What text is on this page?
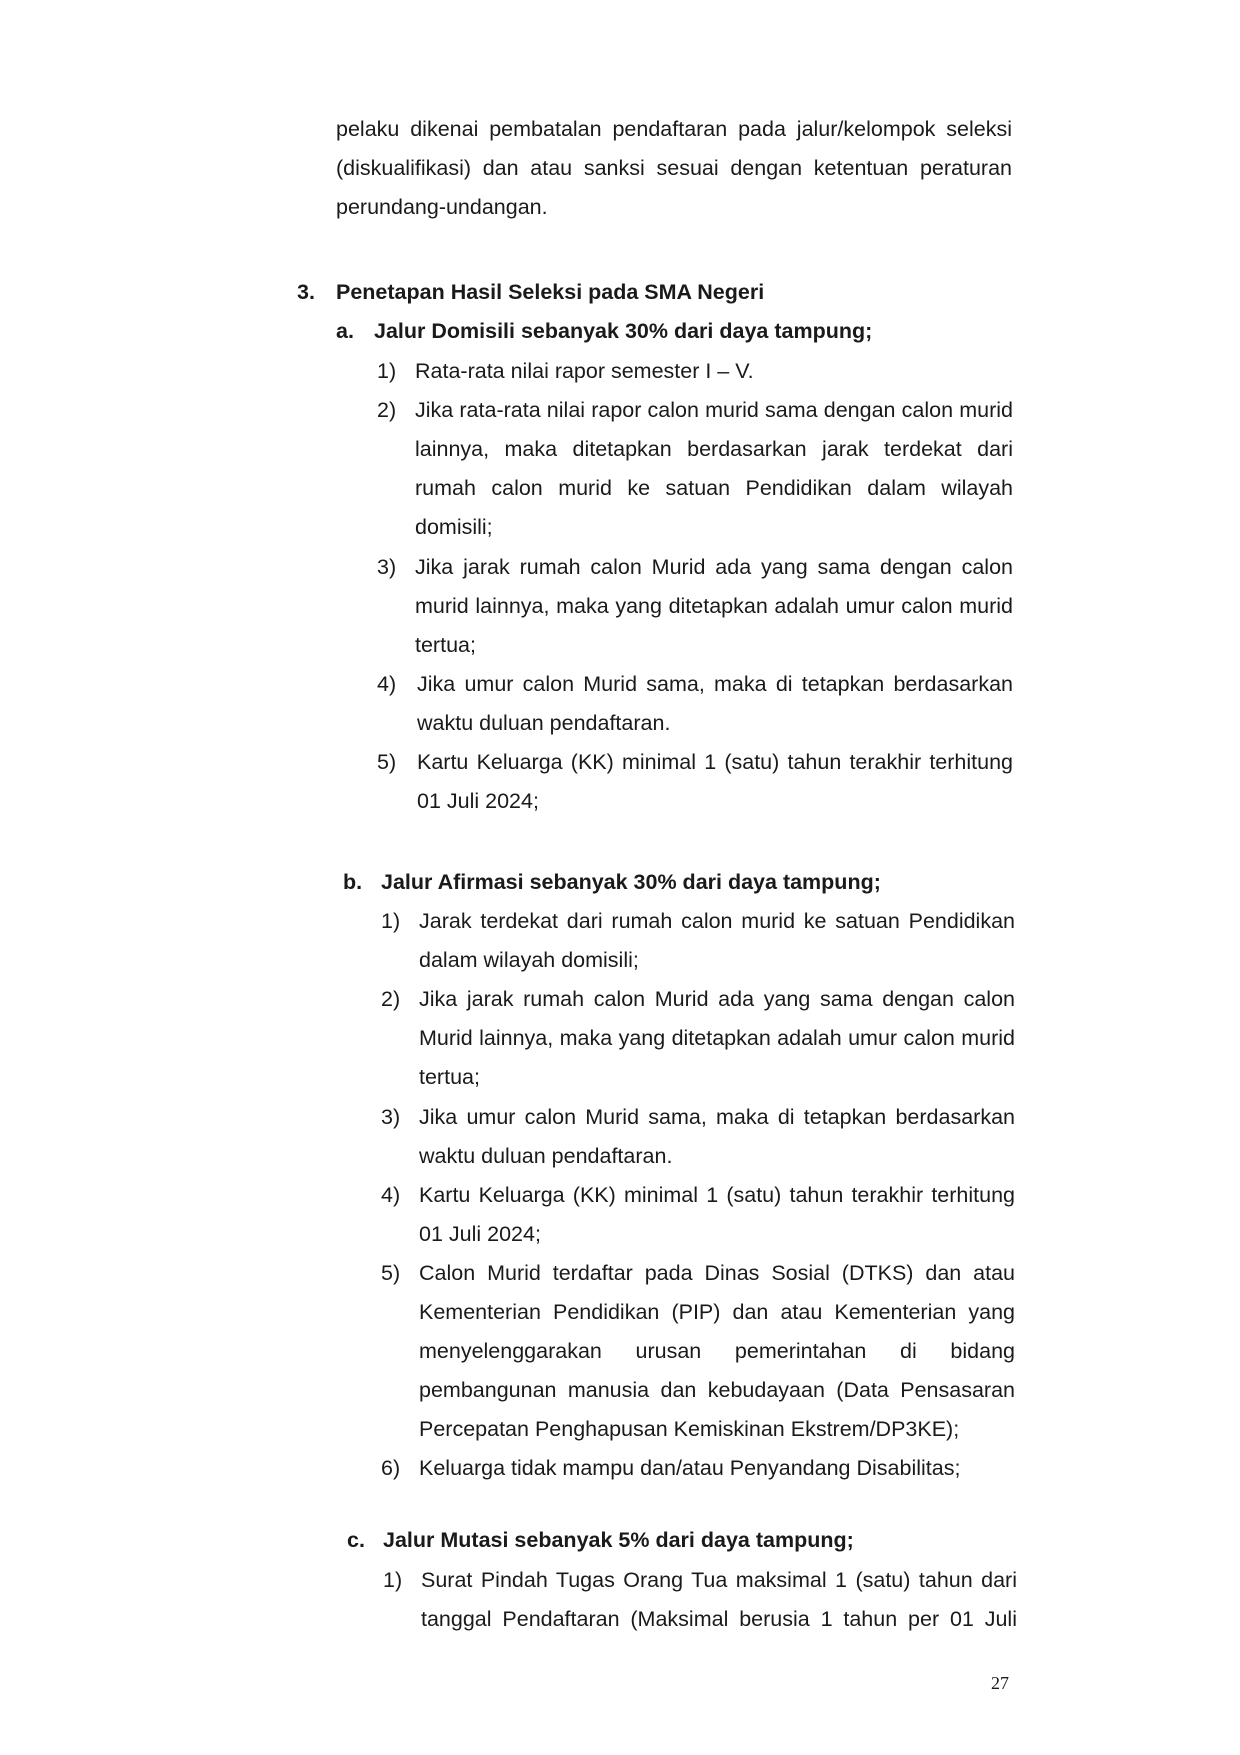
pelaku dikenai pembatalan pendaftaran pada jalur/kelompok seleksi (diskualifikasi) dan atau sanksi sesuai dengan ketentuan peraturan perundang-undangan.
3. Penetapan Hasil Seleksi pada SMA Negeri
a. Jalur Domisili sebanyak 30% dari daya tampung;
1) Rata-rata nilai rapor semester I – V.
2) Jika rata-rata nilai rapor calon murid sama dengan calon murid lainnya, maka ditetapkan berdasarkan jarak terdekat dari rumah calon murid ke satuan Pendidikan dalam wilayah domisili;
3) Jika jarak rumah calon Murid ada yang sama dengan calon murid lainnya, maka yang ditetapkan adalah umur calon murid tertua;
4) Jika umur calon Murid sama, maka di tetapkan berdasarkan waktu duluan pendaftaran.
5) Kartu Keluarga (KK) minimal 1 (satu) tahun terakhir terhitung 01 Juli 2024;
b. Jalur Afirmasi sebanyak 30% dari daya tampung;
1) Jarak terdekat dari rumah calon murid ke satuan Pendidikan dalam wilayah domisili;
2) Jika jarak rumah calon Murid ada yang sama dengan calon Murid lainnya, maka yang ditetapkan adalah umur calon murid tertua;
3) Jika umur calon Murid sama, maka di tetapkan berdasarkan waktu duluan pendaftaran.
4) Kartu Keluarga (KK) minimal 1 (satu) tahun terakhir terhitung 01 Juli 2024;
5) Calon Murid terdaftar pada Dinas Sosial (DTKS) dan atau Kementerian Pendidikan (PIP) dan atau Kementerian yang menyelenggarakan urusan pemerintahan di bidang pembangunan manusia dan kebudayaan (Data Pensasaran Percepatan Penghapusan Kemiskinan Ekstrem/DP3KE);
6) Keluarga tidak mampu dan/atau Penyandang Disabilitas;
c. Jalur Mutasi sebanyak 5% dari daya tampung;
1) Surat Pindah Tugas Orang Tua maksimal 1 (satu) tahun dari tanggal Pendaftaran (Maksimal berusia 1 tahun per 01 Juli
27
